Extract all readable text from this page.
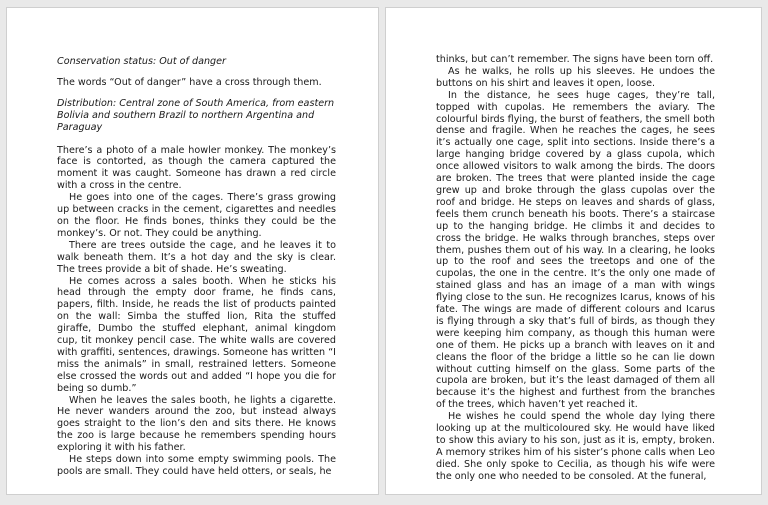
Conservation status: Out of danger

The words “Out of danger” have a cross through them.

Distribution: Central zone of South America, from eastern Bolivia and southern Brazil to northern Argentina and Paraguay

There’s a photo of a male howler monkey. The monkey’s face is contorted, as though the camera captured the moment it was caught. Someone has drawn a red circle with a cross in the centre.

He goes into one of the cages. There’s grass growing up between cracks in the cement, cigarettes and needles on the floor. He finds bones, thinks they could be the monkey’s. Or not. They could be anything.

There are trees outside the cage, and he leaves it to walk beneath them. It’s a hot day and the sky is clear. The trees provide a bit of shade. He’s sweating.

He comes across a sales booth. When he sticks his head through the empty door frame, he finds cans, papers, filth. Inside, he reads the list of products painted on the wall: Simba the stuffed lion, Rita the stuffed giraffe, Dumbo the stuffed elephant, animal kingdom cup, tit monkey pencil case. The white walls are covered with graffiti, sentences, drawings. Someone has written “I miss the animals” in small, restrained letters. Someone else crossed the words out and added “I hope you die for being so dumb.”

When he leaves the sales booth, he lights a cigarette. He never wanders around the zoo, but instead always goes straight to the lion’s den and sits there. He knows the zoo is large because he remembers spending hours exploring it with his father.

He steps down into some empty swimming pools. The pools are small. They could have held otters, or seals, he

thinks, but can’t remember. The signs have been torn off.

As he walks, he rolls up his sleeves. He undoes the buttons on his shirt and leaves it open, loose.

In the distance, he sees huge cages, they’re tall, topped with cupolas. He remembers the aviary. The colourful birds flying, the burst of feathers, the smell both dense and fragile. When he reaches the cages, he sees it’s actually one cage, split into sections. Inside there’s a large hanging bridge covered by a glass cupola, which once allowed visitors to walk among the birds. The doors are broken. The trees that were planted inside the cage grew up and broke through the glass cupolas over the roof and bridge. He steps on leaves and shards of glass, feels them crunch beneath his boots. There’s a staircase up to the hanging bridge. He climbs it and decides to cross the bridge. He walks through branches, steps over them, pushes them out of his way. In a clearing, he looks up to the roof and sees the treetops and one of the cupolas, the one in the centre. It’s the only one made of stained glass and has an image of a man with wings flying close to the sun. He recognizes Icarus, knows of his fate. The wings are made of different colours and Icarus is flying through a sky that’s full of birds, as though they were keeping him company, as though this human were one of them. He picks up a branch with leaves on it and cleans the floor of the bridge a little so he can lie down without cutting himself on the glass. Some parts of the cupola are broken, but it’s the least damaged of them all because it’s the highest and furthest from the branches of the trees, which haven’t yet reached it.

He wishes he could spend the whole day lying there looking up at the multicoloured sky. He would have liked to show this aviary to his son, just as it is, empty, broken. A memory strikes him of his sister’s phone calls when Leo died. She only spoke to Cecilia, as though his wife were the only one who needed to be consoled. At the funeral,
